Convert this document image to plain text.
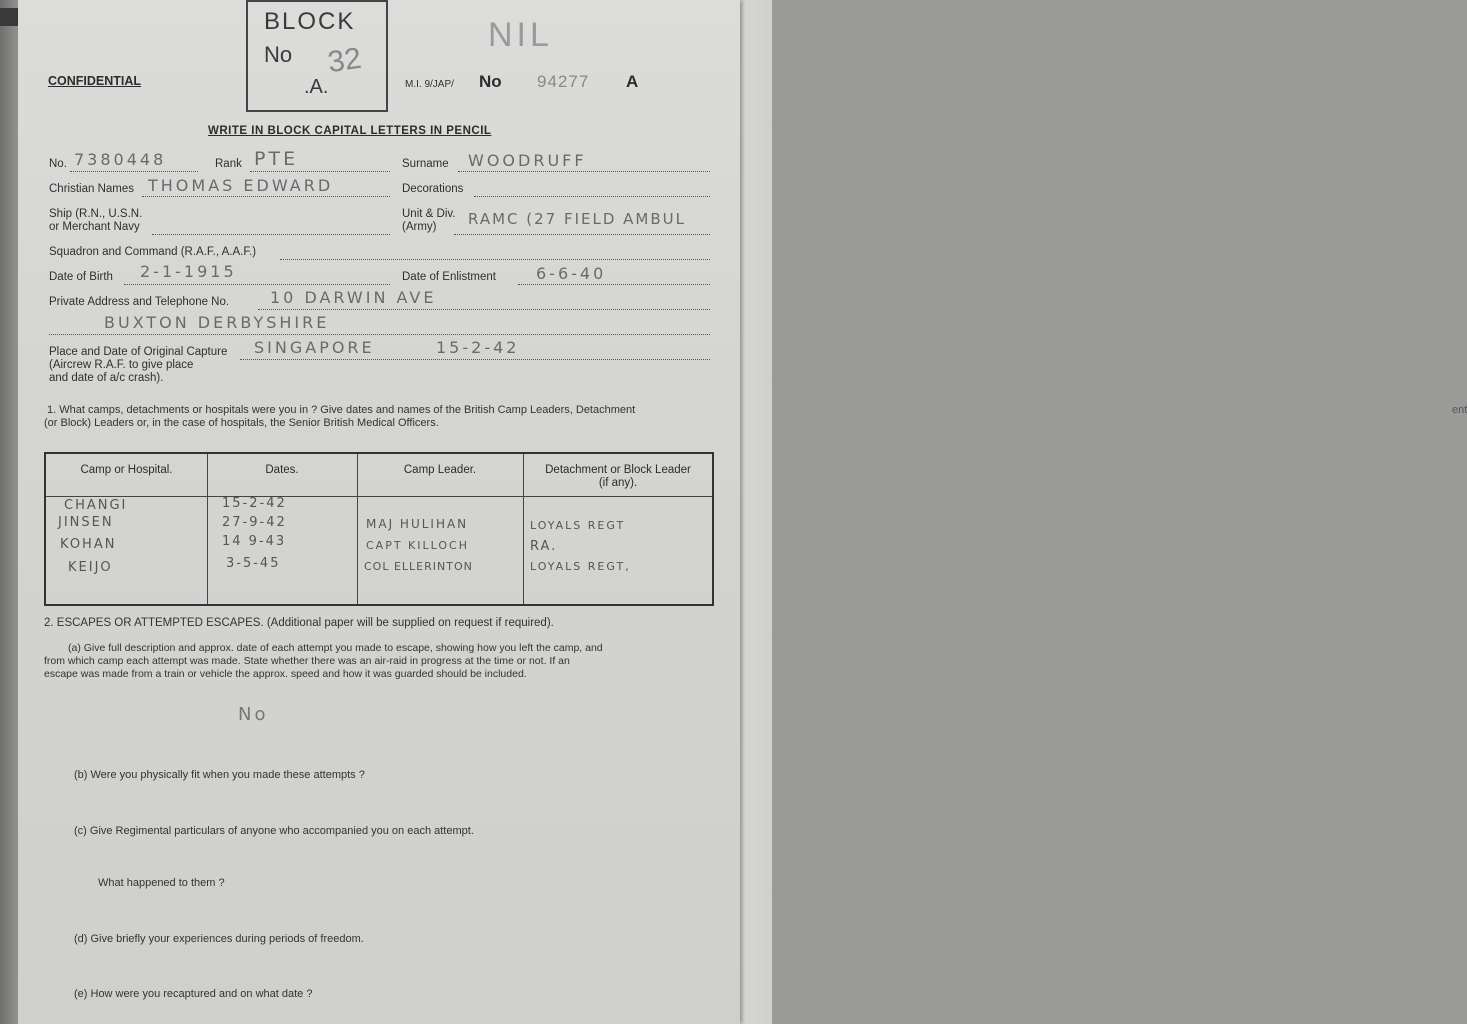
ent
BLOCK
No 32
.A.
NIL
CONFIDENTIAL	M.I. 9/JAP/ No 94277 A
WRITE IN BLOCK CAPITAL LETTERS IN PENCIL
No. 7380448	Rank PTE	Surname WOODRUFF
Christian Names THOMAS EDWARD	Decorations
Ship (R.N., U.S.N.
or Merchant Navy
Unit & Div.
(Army) RAMC (27 FIELD AMBUL
Squadron and Command (R.A.F., A.A.F.)
Date of Birth 2-1-1915	Date of Enlistment	6-6-40
Private Address and Telephone No.	10 DARWIN AVE
BUXTON DERBYSHIRE
Place and Date of Original Capture
(Aircrew R.A.F. to give place
and date of a/c crash).
SINGAPORE	15-2-42
1. What camps, detachments or hospitals were you in ? Give dates and names of the British Camp Leaders, Detachment
(or Block) Leaders or, in the case of hospitals, the Senior British Medical Officers.
Camp or Hospital.	Dates.	Camp Leader.	Detachment or Block Leader (if any).
CHANGI	15-2-42
JINSEN	27-9-42	MAJ HULIHAN	LOYALS REGT
KOHAN	14 9-43	CAPT KILLOCH	RA.
KEIJO	3-5-45	COL ELLERINTON	LOYALS REGT,
2. ESCAPES OR ATTEMPTED ESCAPES. (Additional paper will be supplied on request if required).
(a) Give full description and approx. date of each attempt you made to escape, showing how you left the camp, and
from which camp each attempt was made. State whether there was an air-raid in progress at the time or not. If an
escape was made from a train or vehicle the approx. speed and how it was guarded should be included.
No
(b) Were you physically fit when you made these attempts ?
(c) Give Regimental particulars of anyone who accompanied you on each attempt.
What happened to them ?
(d) Give briefly your experiences during periods of freedom.
(e) How were you recaptured and on what date ?
